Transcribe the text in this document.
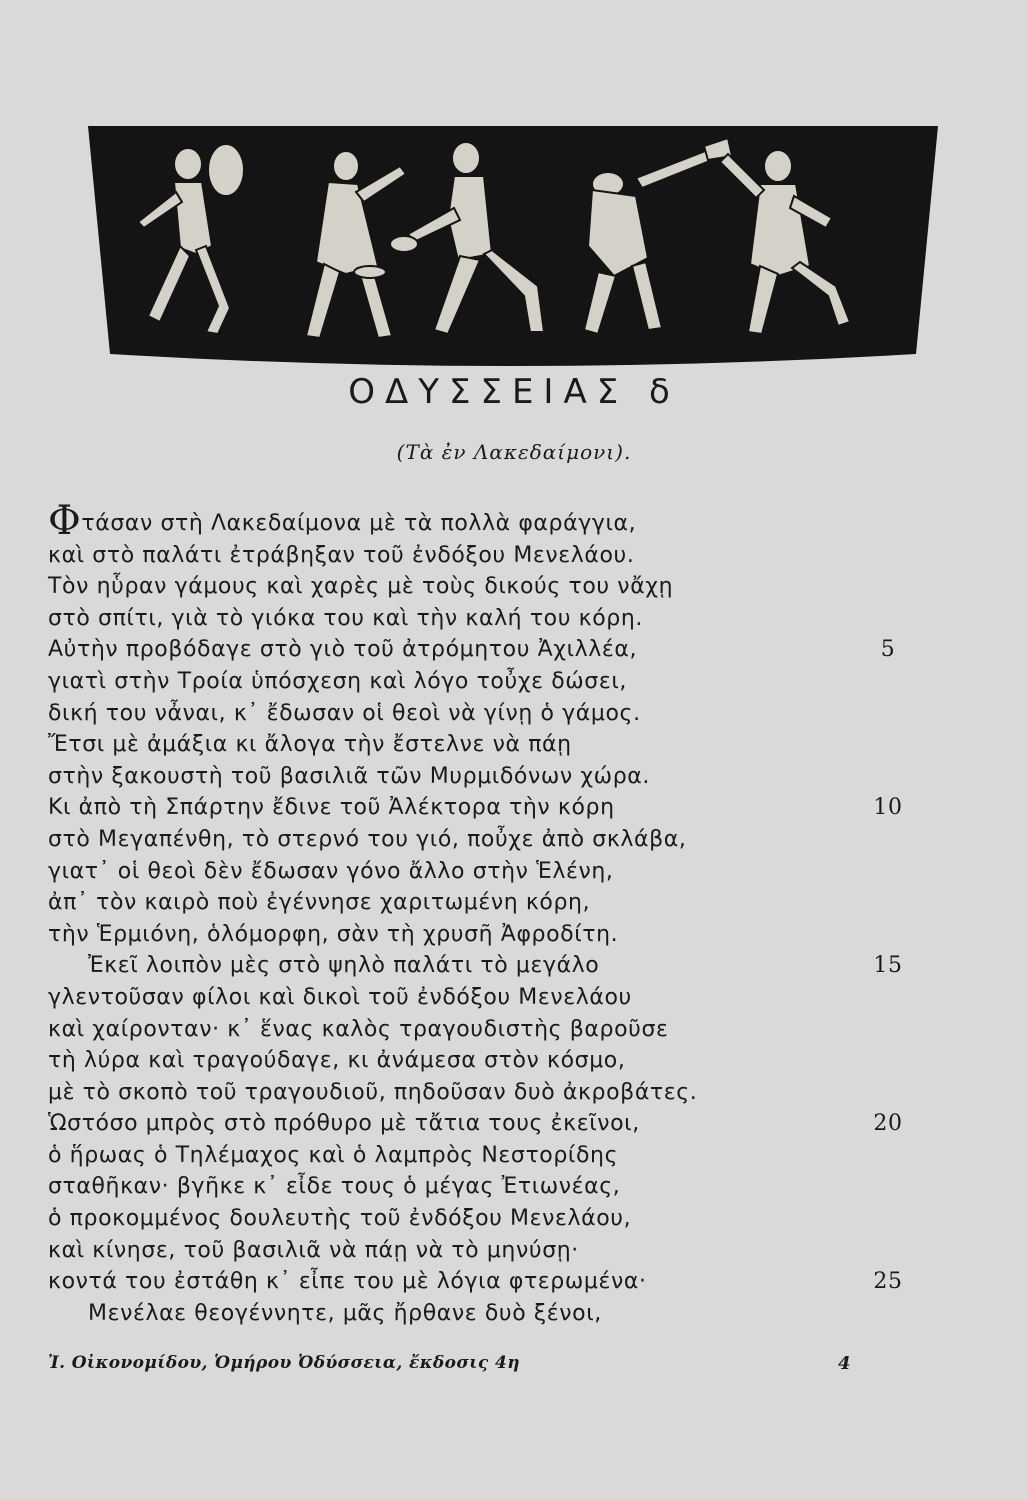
ΟΔΥΣΣΕΙΑΣ δ
(Τὰ ἐν Λακεδαίμονι).
Φτάσαν στὴ Λακεδαίμονα μὲ τὰ πολλὰ φαράγγια,
καὶ στὸ παλάτι ἐτράβηξαν τοῦ ἐνδόξου Μενελάου.
Τὸν ηὗραν γάμους καὶ χαρὲς μὲ τοὺς δικούς του νἄχῃ
στὸ σπίτι, γιὰ τὸ γιόκα του καὶ τὴν καλή του κόρη.
Αὐτὴν προβόδαγε στὸ γιὸ τοῦ ἀτρόμητου Ἀχιλλέα,	5
γιατὶ στὴν Τροία ὑπόσχεση καὶ λόγο τοὖχε δώσει,
δική του νἆναι, κ᾿ ἔδωσαν οἱ θεοὶ νὰ γίνῃ ὁ γάμος.
Ἔτσι μὲ ἀμάξια κι ἄλογα τὴν ἔστελνε νὰ πάῃ
στὴν ξακουστὴ τοῦ βασιλιᾶ τῶν Μυρμιδόνων χώρα.
Κι ἀπὸ τὴ Σπάρτην ἔδινε τοῦ Ἀλέκτορα τὴν κόρη	10
στὸ Μεγαπένθη, τὸ στερνό του γιό, ποὖχε ἀπὸ σκλάβα,
γιατ᾿ οἱ θεοὶ δὲν ἔδωσαν γόνο ἄλλο στὴν Ἑλένη,
ἀπ᾿ τὸν καιρὸ ποὺ ἐγέννησε χαριτωμένη κόρη,
τὴν Ἑρμιόνη, ὁλόμορφη, σὰν τὴ χρυσῆ Ἀφροδίτη.
Ἐκεῖ λοιπὸν μὲς στὸ ψηλὸ παλάτι τὸ μεγάλο	15
γλεντοῦσαν φίλοι καὶ δικοὶ τοῦ ἐνδόξου Μενελάου
καὶ χαίρονταν· κ᾿ ἕνας καλὸς τραγουδιστὴς βαροῦσε
τὴ λύρα καὶ τραγούδαγε, κι ἀνάμεσα στὸν κόσμο,
μὲ τὸ σκοπὸ τοῦ τραγουδιοῦ, πηδοῦσαν δυὸ ἀκροβάτες.
Ὡστόσο μπρὸς στὸ πρόθυρο μὲ τἄτια τους ἐκεῖνοι,	20
ὁ ἥρωας ὁ Τηλέμαχος καὶ ὁ λαμπρὸς Νεστορίδης
σταθῆκαν· βγῆκε κ᾿ εἶδε τους ὁ μέγας Ἐτιωνέας,
ὁ προκομμένος δουλευτὴς τοῦ ἐνδόξου Μενελάου,
καὶ κίνησε, τοῦ βασιλιᾶ νὰ πάῃ νὰ τὸ μηνύσῃ·
κοντά του ἐστάθη κ᾿ εἶπε του μὲ λόγια φτερωμένα·	25
Μενέλαε θεογέννητε, μᾶς ἤρθανε δυὸ ξένοι,
Ἰ. Οἰκονομίδου, Ὁμήρου Ὀδύσσεια, ἔκδοσις 4η	4
